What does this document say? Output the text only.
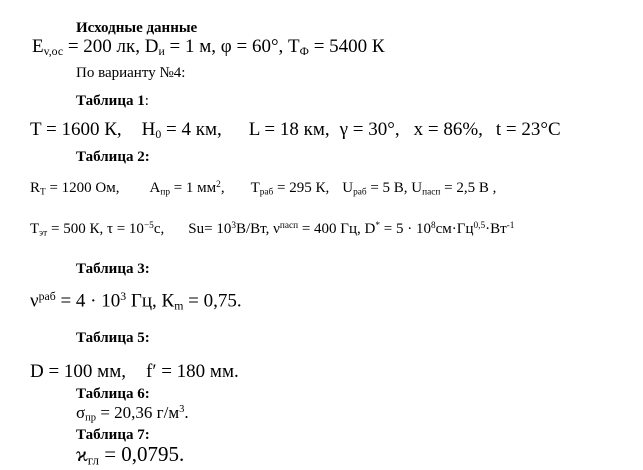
Исходные данные
$E_{v,ос} = 200$ лк, $D_и = 1$ м, φ = 60°, $T_Ф = 5400$ К
По варианту №4:
Таблица 1:
T = 1600 К, $H_0 = 4$ км, L = 18 км, γ = 30°, x = 86%, t = 23°С
Таблица 2:
$R_T = 1200$ Ом, $A_{пр} = 1$ $мм^2$, $T_{раб} = 295$ К, $U_{раб} = 5$ В, $U_{пасп} = 2,5$ В ,
$T_{эт} = 500$ К, $\tau = 10^{-5}с$, $Su= 10^3В/Вт$, $\nu^{пасп} = 400$ Гц, $D^* = 5 \cdot 10^8см\cdot Гц^{0,5}\cdot Вт^{-1}$
Таблица 3:
$\nu^{раб} = 4 \cdot 10^3$ Гц, $К_m = 0,75$.
Таблица 5:
D = 100 мм, f′ = 180 мм.
Таблица 6:
$\sigma_{пр} = 20,36$ $г/м^3$.
Таблица 7:
$ϰ_{гл} = 0,0795$.
